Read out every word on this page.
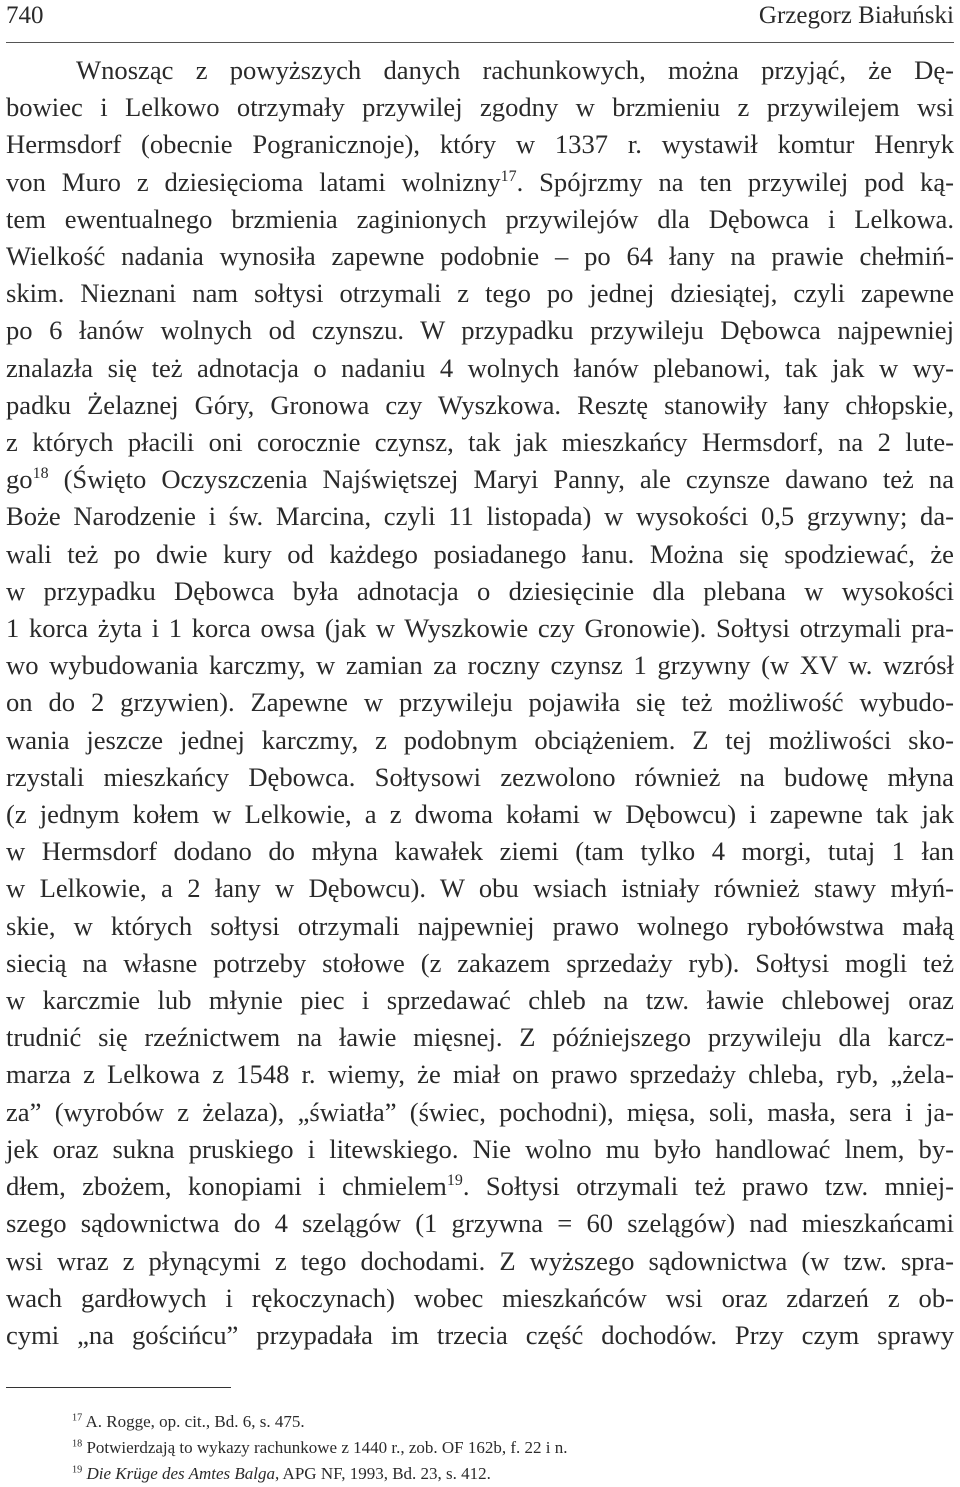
740	Grzegorz Białuński
Wnosząc z powyższych danych rachunkowych, można przyjąć, że Dę-
bowiec i Lelkowo otrzymały przywilej zgodny w brzmieniu z przywilejem wsi
Hermsdorf (obecnie Pogranicznoje), który w 1337 r. wystawił komtur Henryk
von Muro z dziesięcioma latami wolnizny$^{17}$. Spójrzmy na ten przywilej pod ką-
tem ewentualnego brzmienia zaginionych przywilejów dla Dębowca i Lelkowa.
Wielkość nadania wynosiła zapewne podobnie – po 64 łany na prawie chełmiń-
skim. Nieznani nam sołtysi otrzymali z tego po jednej dziesiątej, czyli zapewne
po 6 łanów wolnych od czynszu. W przypadku przywileju Dębowca najpewniej
znalazła się też adnotacja o nadaniu 4 wolnych łanów plebanowi, tak jak w wy-
padku Żelaznej Góry, Gronowa czy Wyszkowa. Resztę stanowiły łany chłopskie,
z których płacili oni corocznie czynsz, tak jak mieszkańcy Hermsdorf, na 2 lute-
$go^{18}$ (Święto Oczyszczenia Najświętszej Maryi Panny, ale czynsze dawano też na
Boże Narodzenie i św. Marcina, czyli 11 listopada) w wysokości 0,5 grzywny; da-
wali też po dwie kury od każdego posiadanego łanu. Można się spodziewać, że
w przypadku Dębowca była adnotacja o dziesięcinie dla plebana w wysokości
1 korca żyta i 1 korca owsa (jak w Wyszkowie czy Gronowie). Sołtysi otrzymali pra-
wo wybudowania karczmy, w zamian za roczny czynsz 1 grzywny (w XV w. wzrósł
on do 2 grzywien). Zapewne w przywileju pojawiła się też możliwość wybudo-
wania jeszcze jednej karczmy, z podobnym obciążeniem. Z tej możliwości sko-
rzystali mieszkańcy Dębowca. Sołtysowi zezwolono również na budowę młyna
(z jednym kołem w Lelkowie, a z dwoma kołami w Dębowcu) i zapewne tak jak
w Hermsdorf dodano do młyna kawałek ziemi (tam tylko 4 morgi, tutaj 1 łan
w Lelkowie, a 2 łany w Dębowcu). W obu wsiach istniały również stawy młyń-
skie, w których sołtysi otrzymali najpewniej prawo wolnego rybołówstwa małą
siecią na własne potrzeby stołowe (z zakazem sprzedaży ryb). Sołtysi mogli też
w karczmie lub młynie piec i sprzedawać chleb na tzw. ławie chlebowej oraz
trudnić się rzeźnictwem na ławie mięsnej. Z późniejszego przywileju dla karcz-
marza z Lelkowa z 1548 r. wiemy, że miał on prawo sprzedaży chleba, ryb, „żela-
za” (wyrobów z żelaza), „światła” (świec, pochodni), mięsa, soli, masła, sera i ja-
jek oraz sukna pruskiego i litewskiego. Nie wolno mu było handlować lnem, by-
dłem, zbożem, konopiami i chmielem$^{19}$. Sołtysi otrzymali też prawo tzw. mniej-
szego sądownictwa do 4 szelągów (1 grzywna = 60 szelągów) nad mieszkańcami
wsi wraz z płynącymi z tego dochodami. Z wyższego sądownictwa (w tzw. spra-
wach gardłowych i rękoczynach) wobec mieszkańców wsi oraz zdarzeń z ob-
cymi „na gościńcu” przypadała im trzecia część dochodów. Przy czym sprawy
$^{17}$ A. Rogge, op. cit., Bd. 6, s. 475.
$^{18}$ Potwierdzają to wykazy rachunkowe z 1440 r., zob. OF 162b, f. 22 i n.
$^{19}$ Die Krüge des Amtes Balga, APG NF, 1993, Bd. 23, s. 412.
